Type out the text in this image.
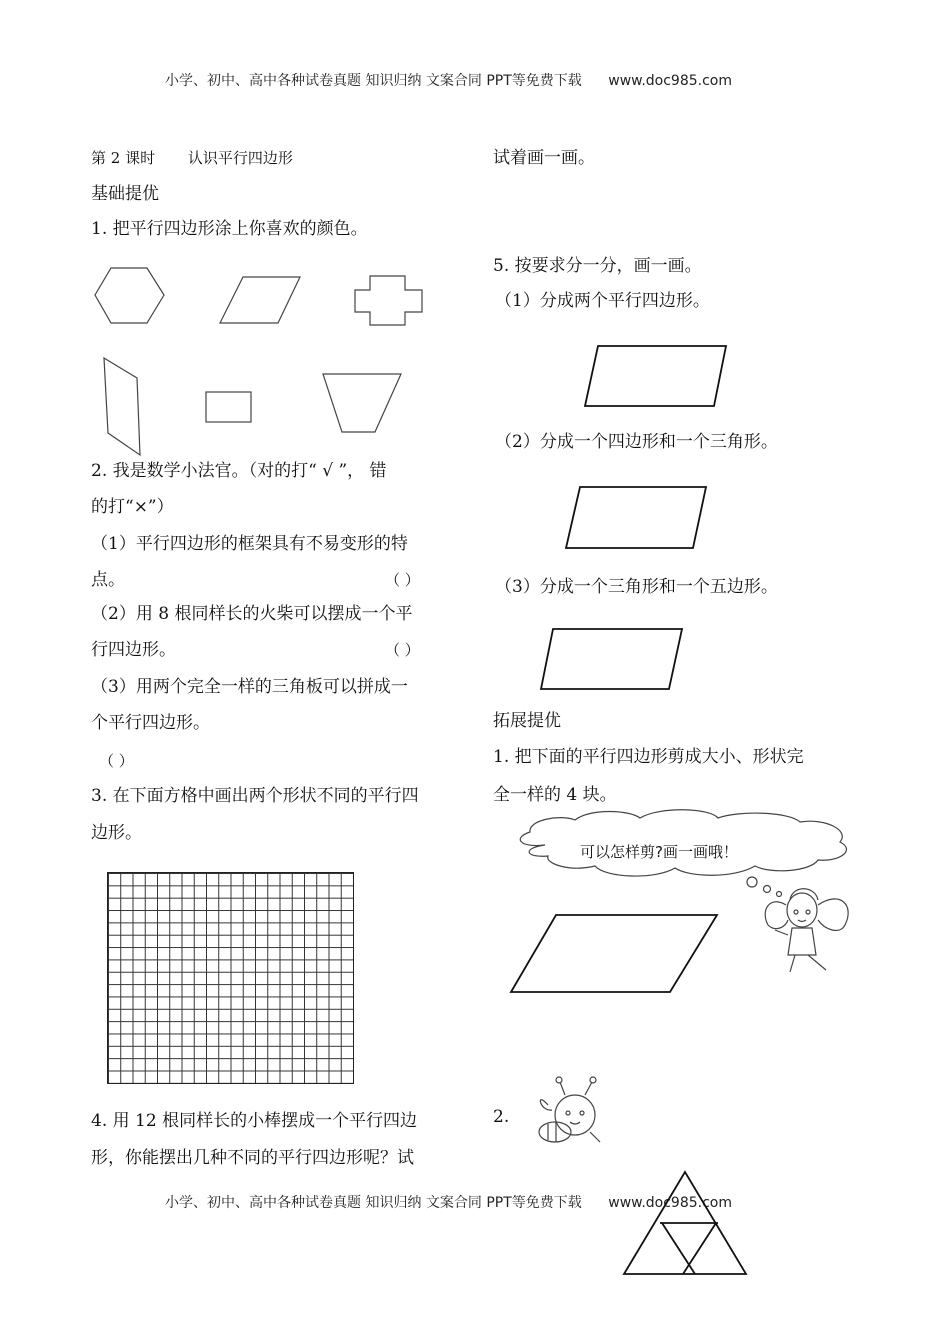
小学、初中、高中各种试卷真题 知识归纳 文案合同 PPT等免费下载 www.doc985.com
第 2 课时 认识平行四边形
基础提优
1. 把平行四边形涂上你喜欢的颜色。
2. 我是数学小法官。（对的打“ √ ”， 错
的打“×”）
（1）平行四边形的框架具有不易变形的特
点。	（ ）
（2）用 8 根同样长的火柴可以摆成一个平
行四边形。	（ ）
（3）用两个完全一样的三角板可以拼成一
个平行四边形。
（ ）
3. 在下面方格中画出两个形状不同的平行四
边形。
4. 用 12 根同样长的小棒摆成一个平行四边
形，你能摆出几种不同的平行四边形呢？试
试着画一画。
5. 按要求分一分，画一画。
（1）分成两个平行四边形。
（2）分成一个四边形和一个三角形。
（3）分成一个三角形和一个五边形。
拓展提优
1. 把下面的平行四边形剪成大小、形状完
全一样的 4 块。
可以怎样剪?画一画哦！
2.
小学、初中、高中各种试卷真题 知识归纳 文案合同 PPT等免费下载 www.doc985.com
